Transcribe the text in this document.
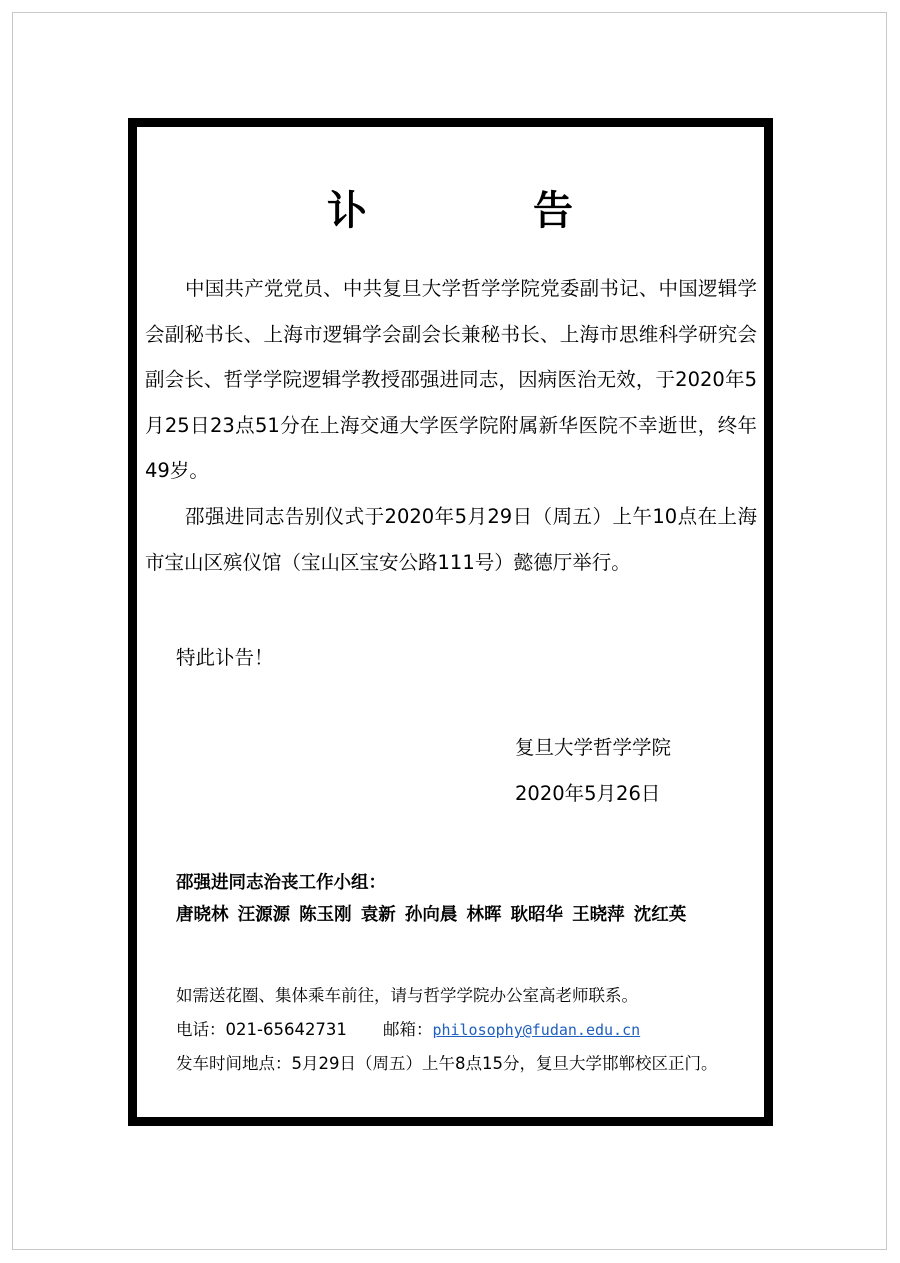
讣 告

中国共产党党员、中共复旦大学哲学学院党委副书记、中国逻辑学会副秘书长、上海市逻辑学会副会长兼秘书长、上海市思维科学研究会副会长、哲学学院逻辑学教授邵强进同志，因病医治无效，于2020年5月25日23点51分在上海交通大学医学院附属新华医院不幸逝世，终年49岁。

邵强进同志告别仪式于2020年5月29日（周五）上午10点在上海市宝山区殡仪馆（宝山区宝安公路111号）懿德厅举行。

特此讣告！
复旦大学哲学学院
2020年5月26日
邵强进同志治丧工作小组：
唐晓林 汪源源 陈玉刚 袁新 孙向晨 林晖 耿昭华 王晓萍 沈红英
如需送花圈、集体乘车前往，请与哲学学院办公室高老师联系。
电话：021-65642731 邮箱：philosophy@fudan.edu.cn
发车时间地点：5月29日（周五）上午8点15分，复旦大学邯郸校区正门。
